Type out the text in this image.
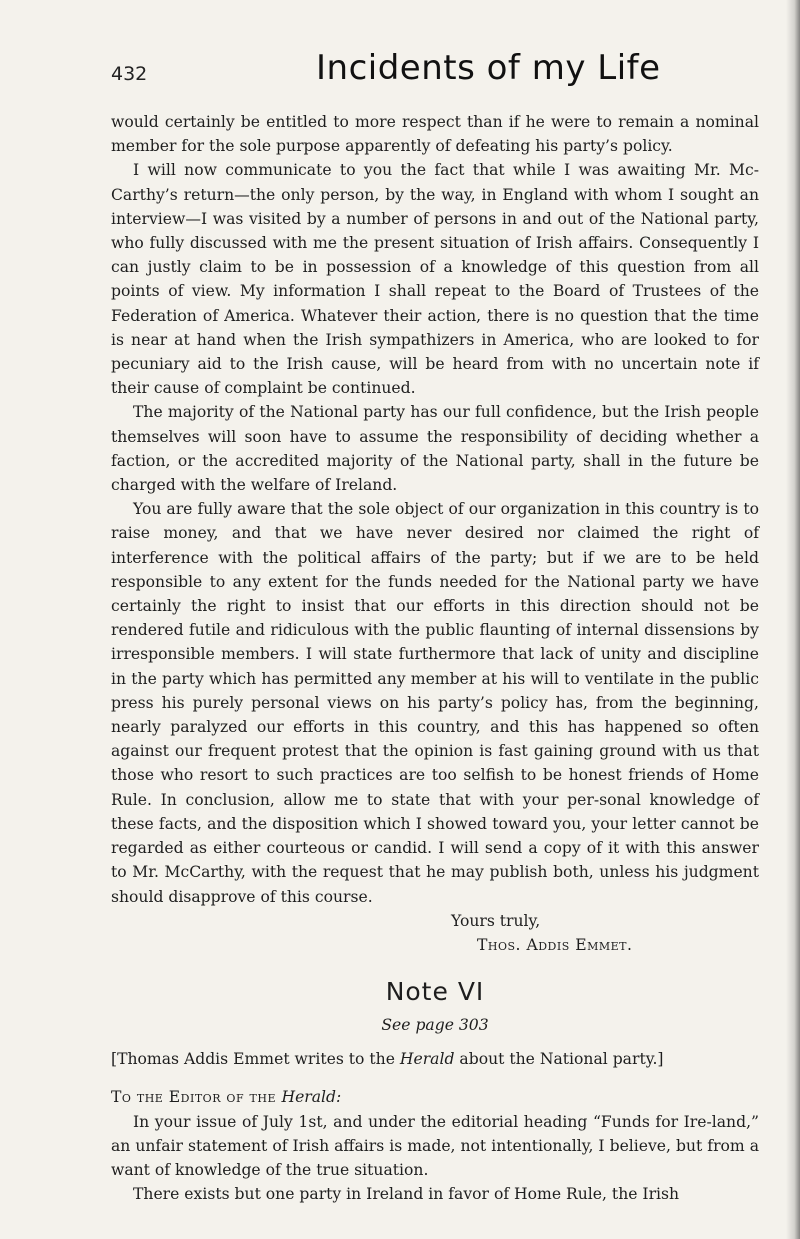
432	Incidents of my Life

would certainly be entitled to more respect than if he were to remain a nominal member for the sole purpose apparently of defeating his party’s policy.

I will now communicate to you the fact that while I was awaiting Mr. Mc-Carthy’s return—the only person, by the way, in England with whom I sought an interview—I was visited by a number of persons in and out of the National party, who fully discussed with me the present situation of Irish affairs. Consequently I can justly claim to be in possession of a knowledge of this question from all points of view. My information I shall repeat to the Board of Trustees of the Federation of America. Whatever their action, there is no question that the time is near at hand when the Irish sympathizers in America, who are looked to for pecuniary aid to the Irish cause, will be heard from with no uncertain note if their cause of complaint be continued.

The majority of the National party has our full confidence, but the Irish people themselves will soon have to assume the responsibility of deciding whether a faction, or the accredited majority of the National party, shall in the future be charged with the welfare of Ireland.

You are fully aware that the sole object of our organization in this country is to raise money, and that we have never desired nor claimed the right of interference with the political affairs of the party; but if we are to be held responsible to any extent for the funds needed for the National party we have certainly the right to insist that our efforts in this direction should not be rendered futile and ridiculous with the public flaunting of internal dissensions by irresponsible members. I will state furthermore that lack of unity and discipline in the party which has permitted any member at his will to ventilate in the public press his purely personal views on his party’s policy has, from the beginning, nearly paralyzed our efforts in this country, and this has happened so often against our frequent protest that the opinion is fast gaining ground with us that those who resort to such practices are too selfish to be honest friends of Home Rule. In conclusion, allow me to state that with your per-sonal knowledge of these facts, and the disposition which I showed toward you, your letter cannot be regarded as either courteous or candid. I will send a copy of it with this answer to Mr. McCarthy, with the request that he may publish both, unless his judgment should disapprove of this course.

Yours truly,

Thos. Addis Emmet.

Note VI
See page 303

[Thomas Addis Emmet writes to the Herald about the National party.]

To the Editor of the Herald:

In your issue of July 1st, and under the editorial heading “Funds for Ire-land,” an unfair statement of Irish affairs is made, not intentionally, I believe, but from a want of knowledge of the true situation.

There exists but one party in Ireland in favor of Home Rule, the Irish
